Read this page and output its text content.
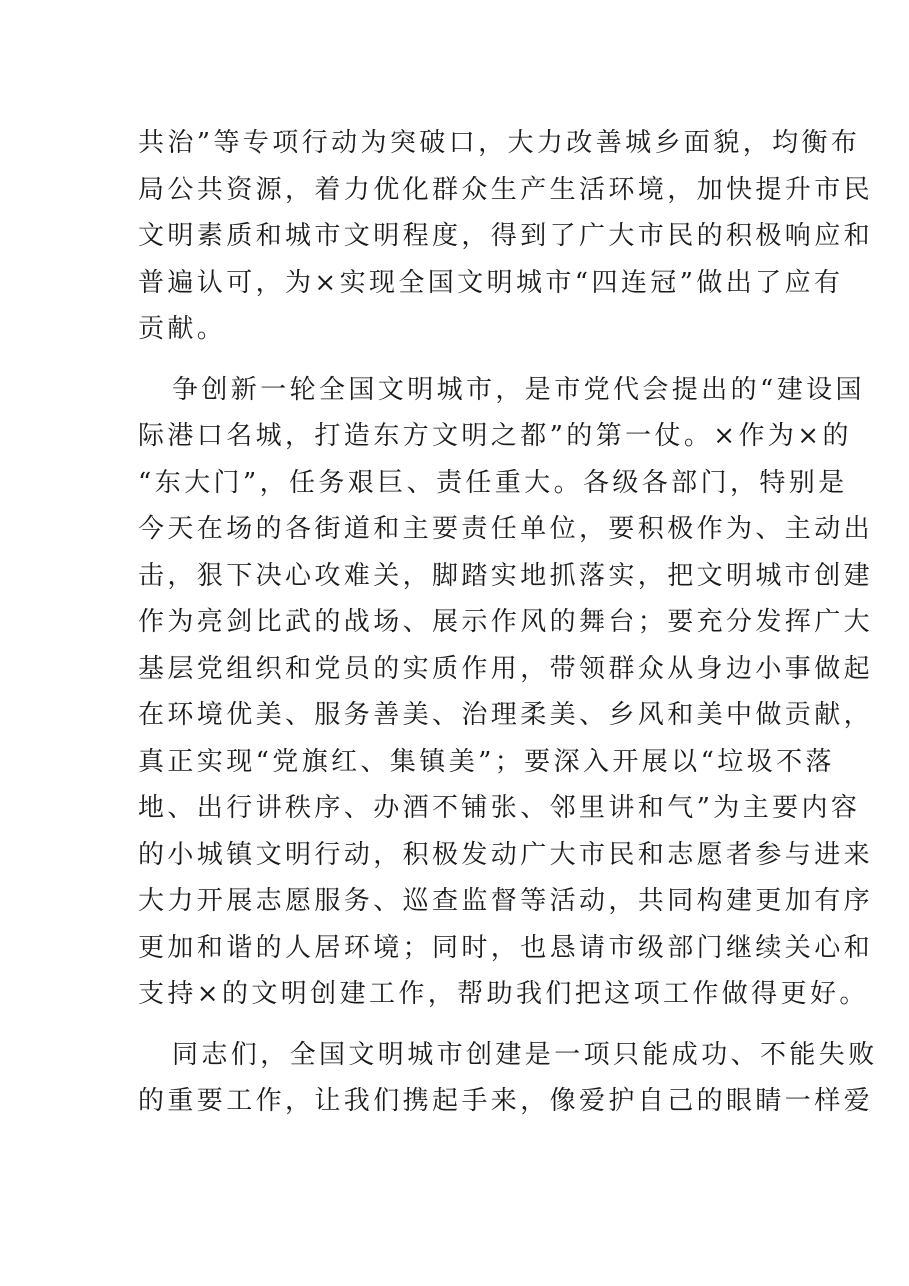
共治”等专项行动为突破口，大力改善城乡面貌，均衡布
局公共资源，着力优化群众生产生活环境，加快提升市民
文明素质和城市文明程度，得到了广大市民的积极响应和
普遍认可，为×实现全国文明城市“四连冠”做出了应有
贡献。
争创新一轮全国文明城市，是市党代会提出的“建设国
际港口名城，打造东方文明之都”的第一仗。×作为×的
“东大门”，任务艰巨、责任重大。各级各部门，特别是
今天在场的各街道和主要责任单位，要积极作为、主动出
击，狠下决心攻难关，脚踏实地抓落实，把文明城市创建
作为亮剑比武的战场、展示作风的舞台；要充分发挥广大
基层党组织和党员的实质作用，带领群众从身边小事做起
在环境优美、服务善美、治理柔美、乡风和美中做贡献，
真正实现“党旗红、集镇美”；要深入开展以“垃圾不落
地、出行讲秩序、办酒不铺张、邻里讲和气”为主要内容
的小城镇文明行动，积极发动广大市民和志愿者参与进来
大力开展志愿服务、巡查监督等活动，共同构建更加有序
更加和谐的人居环境；同时，也恳请市级部门继续关心和
支持×的文明创建工作，帮助我们把这项工作做得更好。
同志们，全国文明城市创建是一项只能成功、不能失败
的重要工作，让我们携起手来，像爱护自己的眼睛一样爱
